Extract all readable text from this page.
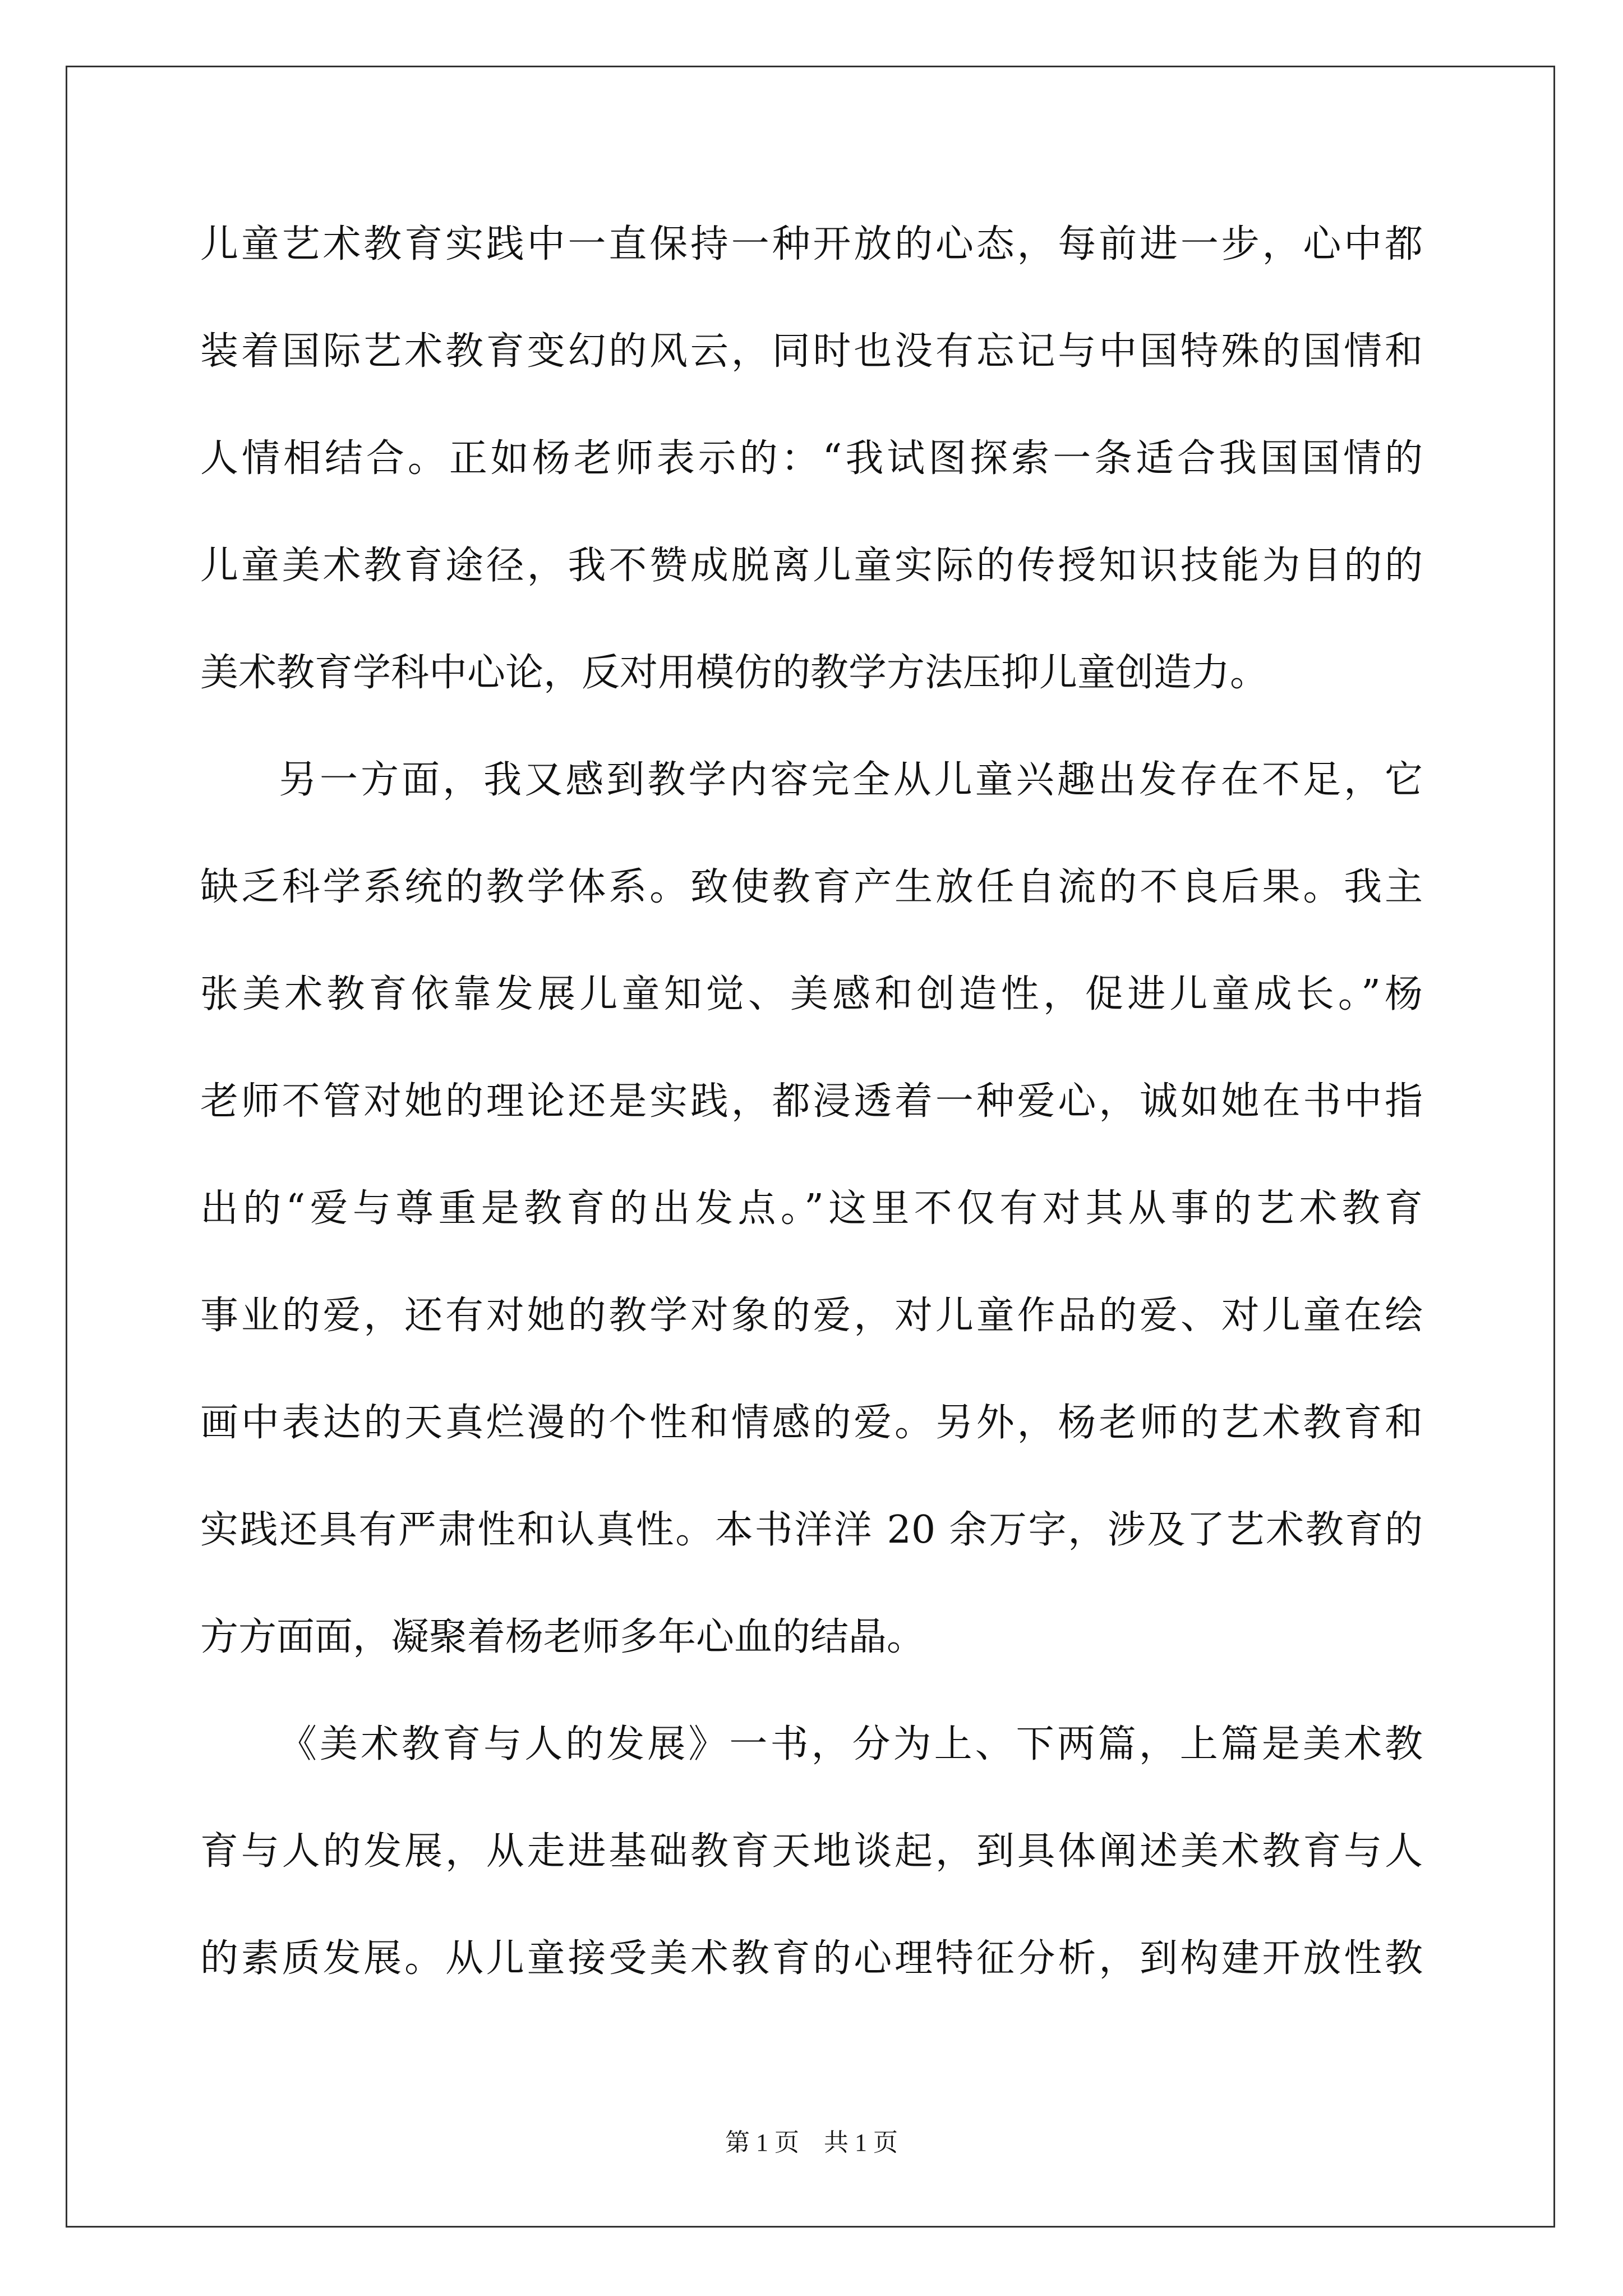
儿童艺术教育实践中一直保持一种开放的心态，每前进一步，心中都
装着国际艺术教育变幻的风云，同时也没有忘记与中国特殊的国情和
人情相结合。正如杨老师表示的：“我试图探索一条适合我国国情的
儿童美术教育途径，我不赞成脱离儿童实际的传授知识技能为目的的
美术教育学科中心论，反对用模仿的教学方法压抑儿童创造力。
另一方面，我又感到教学内容完全从儿童兴趣出发存在不足，它
缺乏科学系统的教学体系。致使教育产生放任自流的不良后果。我主
张美术教育依靠发展儿童知觉、美感和创造性，促进儿童成长。”杨
老师不管对她的理论还是实践，都浸透着一种爱心，诚如她在书中指
出的“爱与尊重是教育的出发点。”这里不仅有对其从事的艺术教育
事业的爱，还有对她的教学对象的爱，对儿童作品的爱、对儿童在绘
画中表达的天真烂漫的个性和情感的爱。另外，杨老师的艺术教育和
实践还具有严肃性和认真性。本书洋洋 20 余万字，涉及了艺术教育的
方方面面，凝聚着杨老师多年心血的结晶。
《美术教育与人的发展》一书，分为上、下两篇，上篇是美术教
育与人的发展，从走进基础教育天地谈起，到具体阐述美术教育与人
的素质发展。从儿童接受美术教育的心理特征分析，到构建开放性教
第 1 页 共 1 页
